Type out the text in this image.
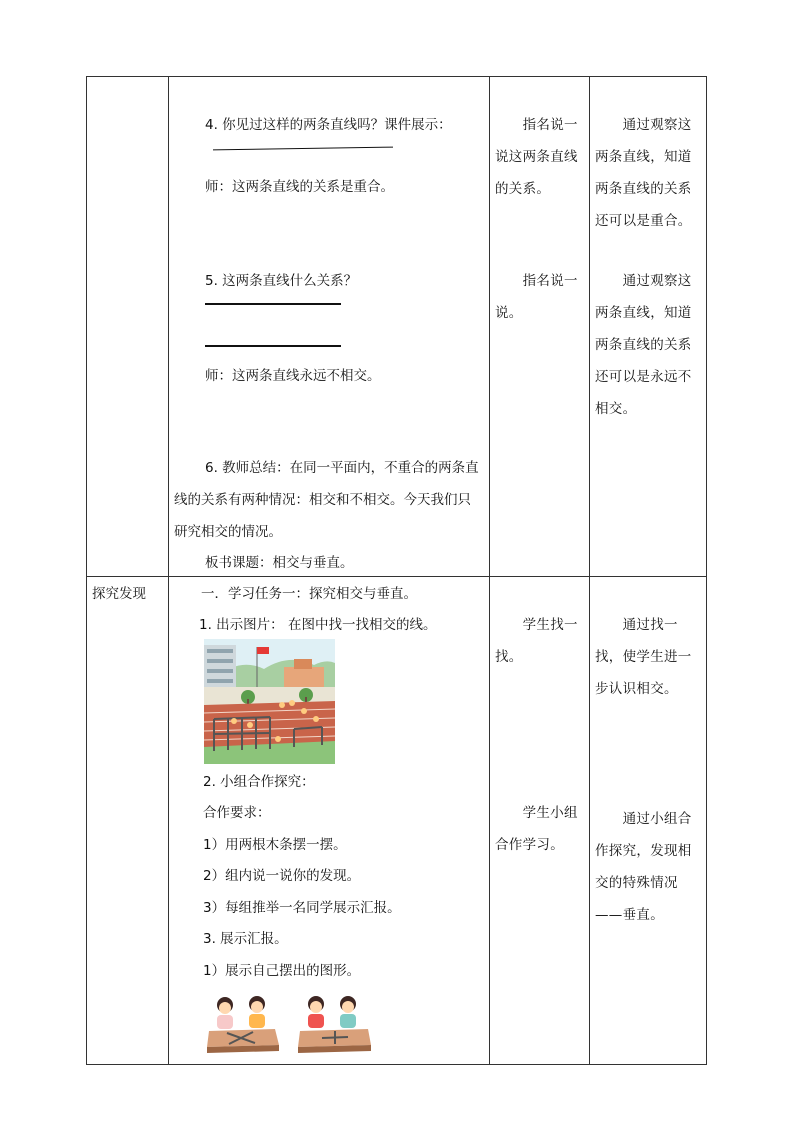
4. 你见过这样的两条直线吗？课件展示：
师：这两条直线的关系是重合。
5. 这两条直线什么关系？
师：这两条直线永远不相交。
6. 教师总结：在同一平面内，不重合的两条直
线的关系有两种情况：相交和不相交。今天我们只
研究相交的情况。
板书课题：相交与垂直。
　　指名说一说这两条直线的关系。
　　指名说一说。
　　通过观察这两条直线，知道两条直线的关系还可以是重合。
　　通过观察这两条直线，知道两条直线的关系还可以是永远不相交。
探究发现	一．学习任务一：探究相交与垂直。
1. 出示图片： 在图中找一找相交的线。
2. 小组合作探究：
合作要求：
1）用两根木条摆一摆。
2）组内说一说你的发现。
3）每组推举一名同学展示汇报。
3. 展示汇报。
1）展示自己摆出的图形。
　　学生找一找。
　　学生小组合作学习。
　　通过找一找，使学生进一步认识相交。
　　通过小组合作探究，发现相交的特殊情况——垂直。
